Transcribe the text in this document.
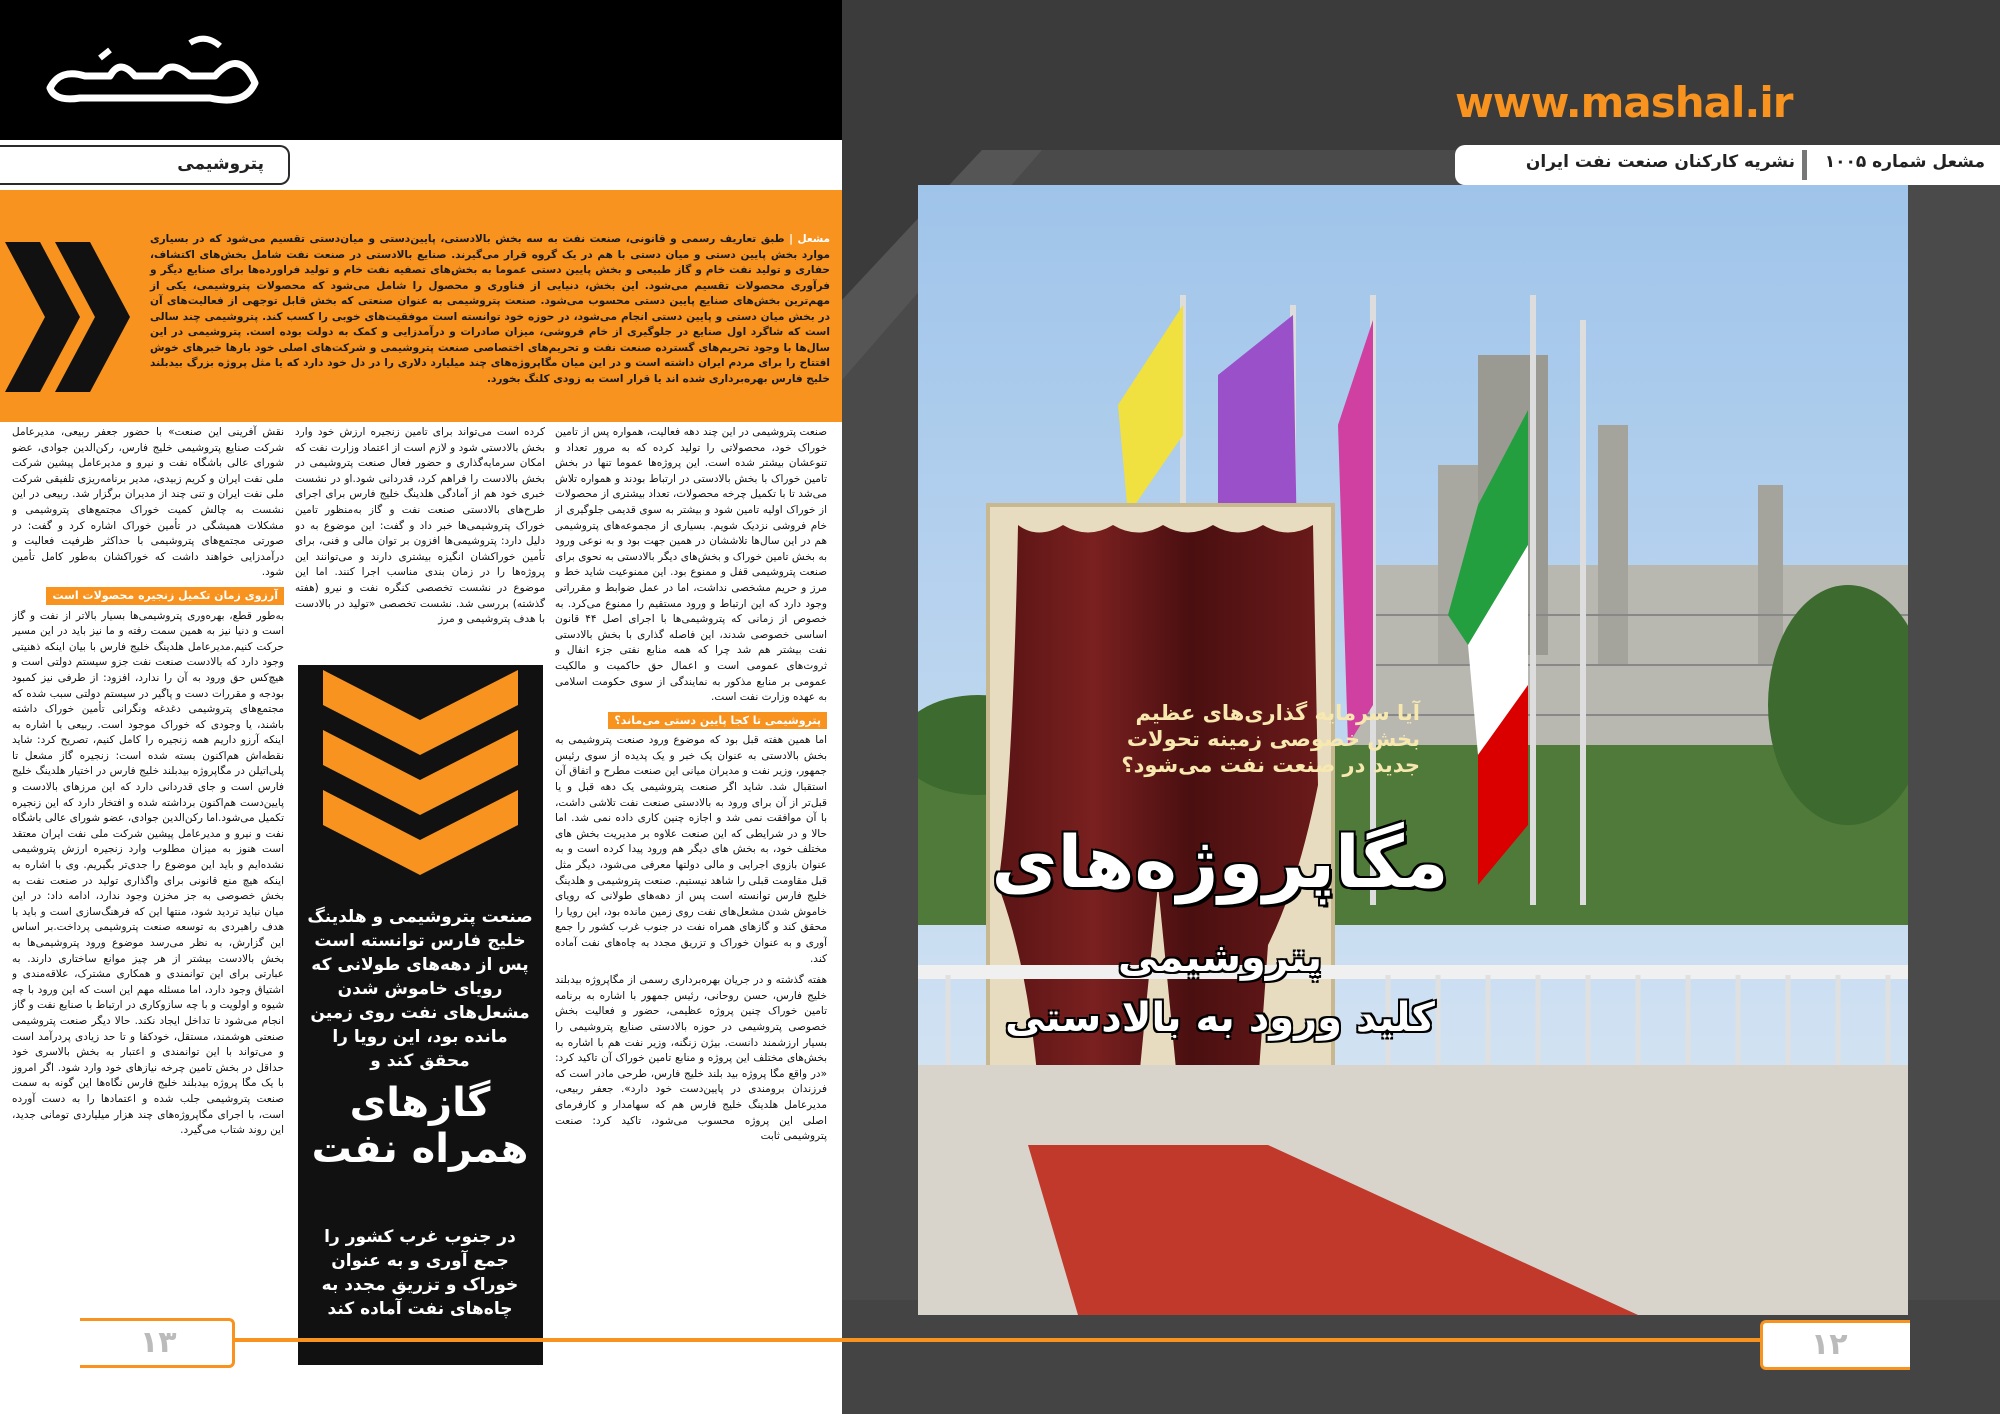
پتروشیمی
مشعل | طبق تعاریف رسمی و قانونی، صنعت نفت به سه بخش بالادستی، پایین‌دستی و میان‌دستی تقسیم می‌شود که در بسیاری موارد بخش پایین دستی و میان دستی با هم در یک گروه قرار می‌گیرند. صنایع بالادستی در صنعت نفت شامل بخش‌های اکتشاف، حفاری و تولید نفت خام و گاز طبیعی و بخش پایین دستی عموما به بخش‌های تصفیه نفت خام و تولید فراورده‌ها برای صنایع دیگر و فرآوری محصولات تقسیم می‌شود. این بخش، دنیایی از فناوری و محصول را شامل می‌شود که محصولات پتروشیمی، یکی از مهم‌ترین بخش‌های صنایع پایین دستی محسوب می‌شود. صنعت پتروشیمی به عنوان صنعتی که بخش قابل توجهی از فعالیت‌های آن در بخش میان دستی و پایین دستی انجام می‌شود، در حوزه خود توانسته است موفقیت‌های خوبی را کسب کند. پتروشیمی چند سالی است که شاگرد اول صنایع در جلوگیری از خام فروشی، میزان صادرات و درآمدزایی و کمک به دولت بوده است. پتروشیمی در این سال‌ها با وجود تحریم‌های گسترده صنعت نفت و تحریم‌های اختصاصی صنعت پتروشیمی و شرکت‌های اصلی خود بارها خبرهای خوش افتتاح را برای مردم ایران داشته است و در این میان مگاپروژه‌های چند میلیارد دلاری را در دل خود دارد که یا مثل پروژه بزرگ بیدبلند خلیج فارس بهره‌برداری شده اند یا قرار است به زودی کلنگ بخورد.
صنعت پتروشیمی در این چند دهه فعالیت، همواره پس از تامین خوراک خود، محصولاتی را تولید کرده که به مرور تعداد و تنوعشان بیشتر شده است. این پروژه‌ها عموما تنها در بخش تامین خوراک با بخش بالادستی در ارتباط بودند و همواره تلاش می‌شد تا با تکمیل چرخه محصولات، تعداد بیشتری از محصولات از خوراک اولیه تامین شود و بیشتر به سوی قدیمی جلوگیری از خام فروشی نزدیک شویم. بسیاری از مجموعه‌های پتروشیمی هم در این سال‌ها تلاششان در همین جهت بود و به نوعی ورود به بخش تامین خوراک و بخش‌های دیگر بالادستی به نحوی برای صنعت پتروشیمی قفل و ممنوع بود. این ممنوعیت شاید خط و مرز و حریم مشخصی نداشت، اما در عمل ضوابط و مقرراتی وجود دارد که این ارتباط و ورود مستقیم را ممنوع می‌کرد. به خصوص از زمانی که پتروشیمی‌ها با اجرای اصل ۴۴ قانون اساسی خصوصی شدند، این فاصله گذاری با بخش بالادستی نفت بیشتر هم شد چرا که همه منابع نفتی جزء انفال و ثروت‌های عمومی است و اعمال حق حاکمیت و مالکیت عمومی بر منابع مذکور به نمایندگی از سوی حکومت اسلامی به عهده وزارت نفت است.
پتروشیمی تا کجا پایین دستی می‌ماند؟
اما همین هفته قبل بود که موضوع ورود صنعت پتروشیمی به بخش بالادستی به عنوان یک خبر و یک پدیده از سوی رئیس جمهور، وزیر نفت و مدیران میانی این صنعت مطرح و اتفاق آن استقبال شد. شاید اگر صنعت پتروشیمی یک دهه قبل و یا قبل‌تر از آن برای ورود به بالادستی صنعت نفت تلاشی داشت، با آن موافقت نمی شد و اجازه چنین کاری داده نمی شد. اما حالا و در شرایطی که این صنعت علاوه بر مدیریت بخش های مختلف خود، به بخش های دیگر هم ورود پیدا کرده است و به عنوان بازوی اجرایی و مالی دولتها معرفی می‌شود، دیگر مثل قبل مقاومت قبلی را شاهد نیستیم. صنعت پتروشیمی و هلدینگ خلیج فارس توانسته است پس از دهه‌های طولانی که رویای خاموش شدن مشعل‌های نفت روی زمین مانده بود، این رویا را محقق کند و گازهای همراه نفت در جنوب غرب کشور را جمع آوری و به عنوان خوراک و تزریق مجدد به چاه‌های نفت آماده کند.
هفته گذشته و در جریان بهره‌برداری رسمی از مگاپروژه بیدبلند خلیج فارس، حسن روحانی، رئیس جمهور با اشاره به برنامه تامین خوراک چنین پروژه عظیمی، حضور و فعالیت بخش خصوصی پتروشیمی در حوزه بالادستی صنایع پتروشیمی را بسیار ارزشمند دانست. بیژن زنگنه، وزیر نفت هم با اشاره به بخش‌های مختلف این پروژه و منابع تامین خوراک آن تاکید کرد: «در واقع مگا پروژه بید بلند خلیج فارس، طرحی مادر است که فرزندان برومندی در پایین‌دست خود دارد». جعفر ربیعی، مدیرعامل هلدینگ خلیج فارس هم که سهامدار و کارفرمای اصلی این پروژه محسوب می‌شود، تاکید کرد: صنعت پتروشیمی ثابت
کرده است می‌تواند برای تامین زنجیره ارزش خود وارد بخش بالادستی شود و لازم است از اعتماد وزارت نفت که امکان سرمایه‌گذاری و حضور فعال صنعت پتروشیمی در بخش بالادست را فراهم کرد، قدردانی شود.او در نشست خبری خود هم از آمادگی هلدینگ خلیج فارس برای اجرای طرح‌های بالادستی صنعت نفت و گاز به‌منظور تامین خوراک پتروشیمی‌ها خبر داد و گفت: این موضوع به دو دلیل دارد: پتروشیمی‌ها افزون بر توان مالی و فنی، برای تأمین خوراکشان انگیزه بیشتری دارند و می‌توانند این پروژه‌ها را در زمان بندی مناسب اجرا کنند. اما این موضوع در نشست تخصصی کنگره نفت و نیرو (هفته گذشته) بررسی شد. نشست تخصصی «تولید در بالادست با هدف پتروشیمی و مرز
نقش آفرینی این صنعت» با حضور جعفر ربیعی، مدیرعامل شرکت صنایع پتروشیمی خلیج فارس، رکن‌الدین جوادی، عضو شورای عالی باشگاه نفت و نیرو و مدیرعامل پیشین شرکت ملی نفت ایران و کریم زبیدی، مدیر برنامه‌ریزی تلفیقی شرکت ملی نفت ایران و تنی چند از مدیران برگزار شد. ربیعی در این نشست به چالش کمیت خوراک مجتمع‌های پتروشیمی و مشکلات همیشگی در تأمین خوراک اشاره کرد و گفت: در صورتی مجتمع‌های پتروشیمی با حداکثر ظرفیت فعالیت و درآمدزایی خواهند داشت که خوراکشان به‌طور کامل تأمین شود.
آرزوی زمان تکمیل زنجیره محصولات است
به‌طور قطع، بهره‌وری پتروشیمی‌ها بسیار بالاتر از نفت و گاز است و دنیا نیز به همین سمت رفته و ما نیز باید در این مسیر حرکت کنیم.مدیرعامل هلدینگ خلیج فارس با بیان اینکه ذهنیتی وجود دارد که بالادست صنعت نفت جزو سیستم دولتی است و هیچ‌کس حق ورود به آن را ندارد، افزود: از طرفی نیز کمبود بودجه و مقررات دست و پاگیر در سیستم دولتی سبب شده که مجتمع‌های پتروشیمی دغدغه ونگرانی تأمین خوراک داشته باشند، یا وجودی که خوراک موجود است. ربیعی با اشاره به اینکه آرزو داریم همه زنجیره را کامل کنیم، تصریح کرد: شاید نقطه‌اش هم‌اکنون بسته شده است: زنجیره گاز مشعل تا پلی‌اتیلن در مگاپروژه بیدبلند خلیج فارس در اختیار هلدینگ خلیج فارس است و جای قدردانی دارد که این مرزهای بالادست و پایین‌دست هم‌اکنون برداشته شده و افتخار دارد که این زنجیره تکمیل می‌شود.اما رکن‌الدین جوادی، عضو شورای عالی باشگاه نفت و نیرو و مدیرعامل پیشین شرکت ملی نفت ایران معتقد است هنوز به میزان مطلوب وارد زنجیره ارزش پتروشیمی نشده‌ایم و باید این موضوع را جدی‌تر بگیریم. وی با اشاره به اینکه هیچ منع قانونی برای واگذاری تولید در صنعت نفت به بخش خصوصی به جز مخزن وجود ندارد، ادامه داد: در این میان نباید تردید شود، منتها این که فرهنگ‌سازی است و باید با هدف راهبردی به توسعه صنعت پتروشیمی پرداخت.بر اساس این گزارش، به نظر می‌رسد موضوع ورود پتروشیمی‌ها به بخش بالادست بیشتر از هر چیز موانع ساختاری دارند. به عبارتی برای این توانمندی و همکاری مشترک، علاقه‌مندی و اشتیاق وجود دارد، اما مسئله مهم این است که این ورود با چه شیوه و اولویت و با چه سازوکاری در ارتباط با صنایع نفت و گاز انجام می‌شود تا تداخل ایجاد نکند. حالا دیگر صنعت پتروشیمی صنعتی هوشمند، مستقل، خودکفا و تا حد زیادی پردرآمد است و می‌تواند با این توانمندی و اعتبار به بخش بالاسری خود حداقل در بخش تامین چرخه نیازهای خود وارد شود. اگر امروز با یک مگا پروژه بیدبلند خلیج فارس نگاه‌ها این گونه به سمت صنعت پتروشیمی جلب شده و اعتمادها را به دست آورده است، با اجرای مگاپروژه‌های چند هزار میلیاردی تومانی جدید، این روند شتاب می‌گیرد.
صنعت پتروشیمی و هلدینگ خلیج فارس توانسته است پس از دهه‌های طولانی که رویای خاموش شدن مشعل‌های نفت روی زمین مانده بود، این رویا را محقق کند و
گازهای همراه نفت
در جنوب غرب کشور را جمع آوری و به عنوان خوراک و تزریق مجدد به چاه‌های نفت آماده کند
۱۳
www.mashal.ir
مشعل شماره ۱۰۰۵
نشریه کارکنان صنعت نفت ایران
آیا سرمایه گذاری‌های عظیم بخش خصوصی زمینه تحولات جدید در صنعت نفت می‌شود؟
مگاپروژه‌های
پتروشیمی
کلید ورود به بالادستی
۱۲
